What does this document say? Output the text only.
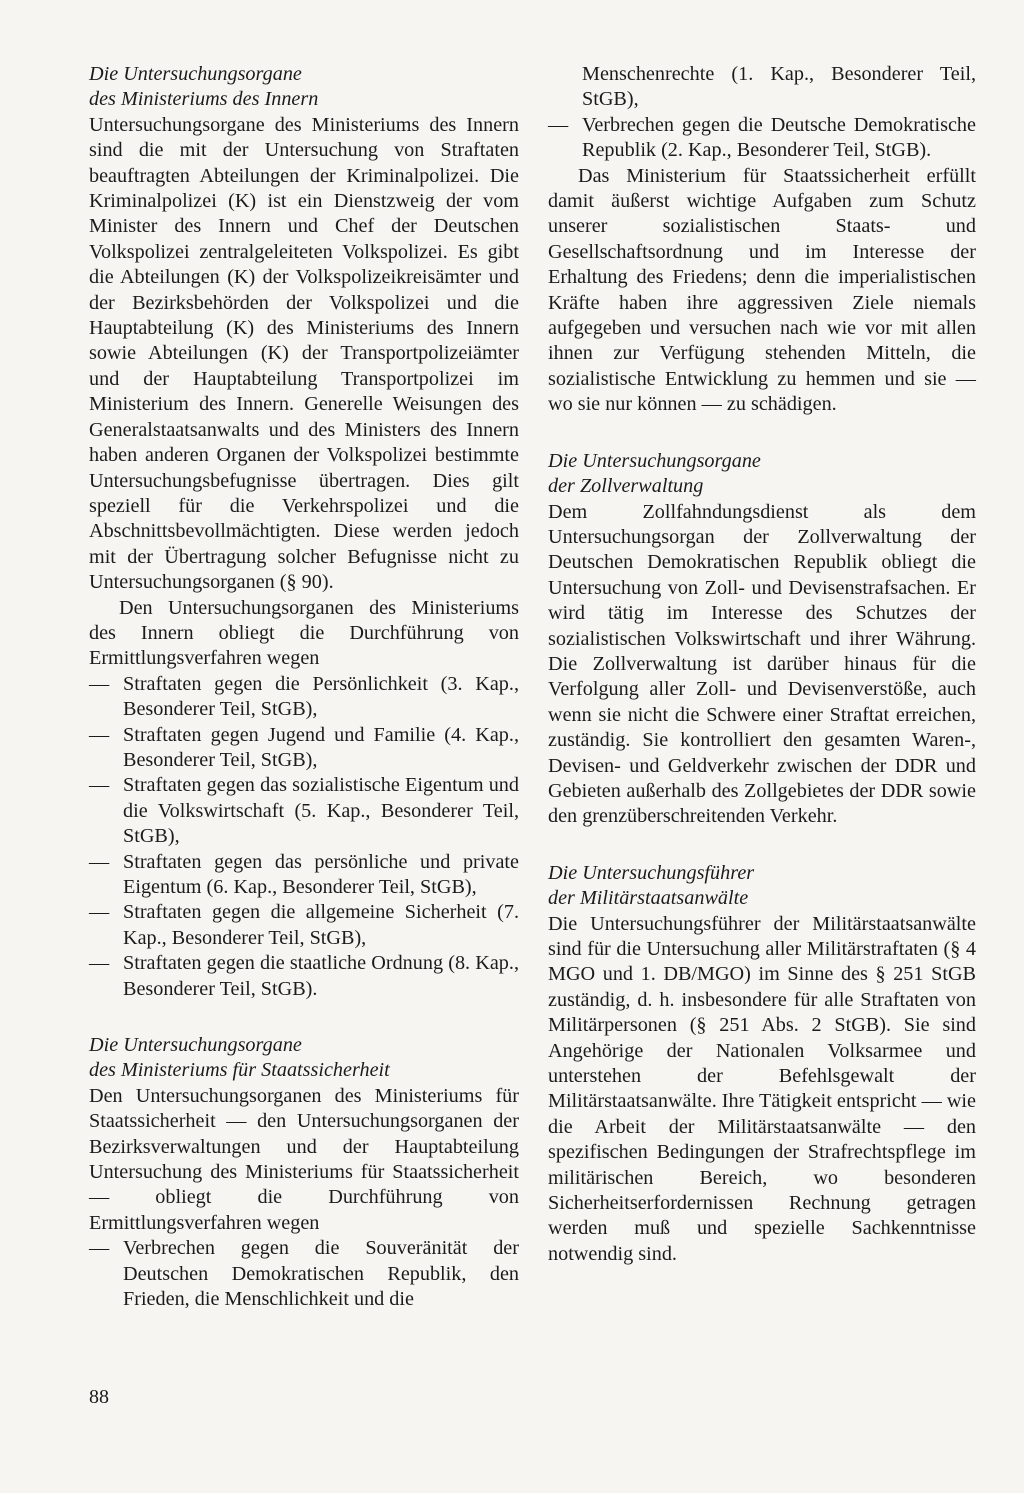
Die Untersuchungsorgane
des Ministeriums des Innern

Untersuchungsorgane des Ministeriums des Innern sind die mit der Untersuchung von Straftaten beauftragten Abteilungen der Kriminalpolizei. Die Kriminalpolizei (K) ist ein Dienstzweig der vom Minister des Innern und Chef der Deutschen Volkspolizei zentralgeleiteten Volkspolizei. Es gibt die Abteilungen (K) der Volkspolizeikreisämter und der Bezirksbehörden der Volkspolizei und die Hauptabteilung (K) des Ministeriums des Innern sowie Abteilungen (K) der Transportpolizeiämter und der Hauptabteilung Transportpolizei im Ministerium des Innern. Generelle Weisungen des Generalstaatsanwalts und des Ministers des Innern haben anderen Organen der Volkspolizei bestimmte Untersuchungsbefugnisse übertragen. Dies gilt speziell für die Verkehrspolizei und die Abschnittsbevollmächtigten. Diese werden jedoch mit der Übertragung solcher Befugnisse nicht zu Untersuchungsorganen (§ 90).

Den Untersuchungsorganen des Ministeriums des Innern obliegt die Durchführung von Ermittlungsverfahren wegen

— Straftaten gegen die Persönlichkeit (3. Kap., Besonderer Teil, StGB),
— Straftaten gegen Jugend und Familie (4. Kap., Besonderer Teil, StGB),
— Straftaten gegen das sozialistische Eigentum und die Volkswirtschaft (5. Kap., Besonderer Teil, StGB),
— Straftaten gegen das persönliche und private Eigentum (6. Kap., Besonderer Teil, StGB),
— Straftaten gegen die allgemeine Sicherheit (7. Kap., Besonderer Teil, StGB),
— Straftaten gegen die staatliche Ordnung (8. Kap., Besonderer Teil, StGB).
Die Untersuchungsorgane
des Ministeriums für Staatssicherheit

Den Untersuchungsorganen des Ministeriums für Staatssicherheit — den Untersuchungsorganen der Bezirksverwaltungen und der Hauptabteilung Untersuchung des Ministeriums für Staatssicherheit — obliegt die Durchführung von Ermittlungsverfahren wegen

— Verbrechen gegen die Souveränität der Deutschen Demokratischen Republik, den Frieden, die Menschlichkeit und die
Menschenrechte (1. Kap., Besonderer Teil, StGB),
— Verbrechen gegen die Deutsche Demokratische Republik (2. Kap., Besonderer Teil, StGB).

Das Ministerium für Staatssicherheit erfüllt damit äußerst wichtige Aufgaben zum Schutz unserer sozialistischen Staats- und Gesellschaftsordnung und im Interesse der Erhaltung des Friedens; denn die imperialistischen Kräfte haben ihre aggressiven Ziele niemals aufgegeben und versuchen nach wie vor mit allen ihnen zur Verfügung stehenden Mitteln, die sozialistische Entwicklung zu hemmen und sie — wo sie nur können — zu schädigen.

Die Untersuchungsorgane
der Zollverwaltung

Dem Zollfahndungsdienst als dem Untersuchungsorgan der Zollverwaltung der Deutschen Demokratischen Republik obliegt die Untersuchung von Zoll- und Devisenstrafsachen. Er wird tätig im Interesse des Schutzes der sozialistischen Volkswirtschaft und ihrer Währung. Die Zollverwaltung ist darüber hinaus für die Verfolgung aller Zoll- und Devisenverstöße, auch wenn sie nicht die Schwere einer Straftat erreichen, zuständig. Sie kontrolliert den gesamten Waren-, Devisen- und Geldverkehr zwischen der DDR und Gebieten außerhalb des Zollgebietes der DDR sowie den grenzüberschreitenden Verkehr.

Die Untersuchungsführer
der Militärstaatsanwälte

Die Untersuchungsführer der Militärstaatsanwälte sind für die Untersuchung aller Militärstraftaten (§ 4 MGO und 1. DB/MGO) im Sinne des § 251 StGB zuständig, d. h. insbesondere für alle Straftaten von Militärpersonen (§ 251 Abs. 2 StGB). Sie sind Angehörige der Nationalen Volksarmee und unterstehen der Befehlsgewalt der Militärstaatsanwälte. Ihre Tätigkeit entspricht — wie die Arbeit der Militärstaatsanwälte — den spezifischen Bedingungen der Strafrechtspflege im militärischen Bereich, wo besonderen Sicherheitserfordernissen Rechnung getragen werden muß und spezielle Sachkenntnisse notwendig sind.

88
